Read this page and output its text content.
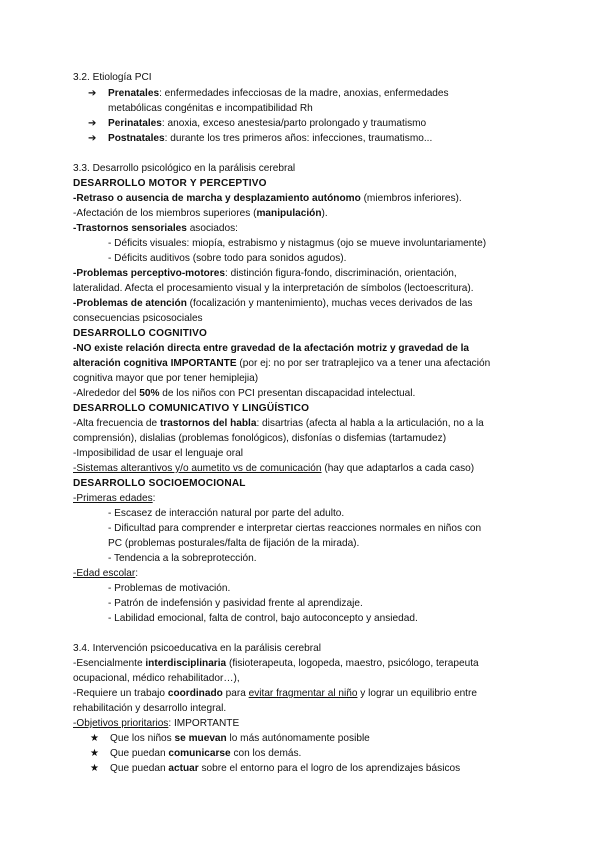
3.2. Etiología PCI
➔ Prenatales: enfermedades infecciosas de la madre, anoxias, enfermedades
metabólicas congénitas e incompatibilidad Rh
➔ Perinatales: anoxia, exceso anestesia/parto prolongado y traumatismo
➔ Postnatales: durante los tres primeros años: infecciones, traumatismo...
3.3. Desarrollo psicológico en la parálisis cerebral
DESARROLLO MOTOR Y PERCEPTIVO
-Retraso o ausencia de marcha y desplazamiento autónomo (miembros inferiores).
-Afectación de los miembros superiores (manipulación).
-Trastornos sensoriales asociados:
- Déficits visuales: miopía, estrabismo y nistagmus (ojo se mueve involuntariamente)
- Déficits auditivos (sobre todo para sonidos agudos).
-Problemas perceptivo-motores: distinción figura-fondo, discriminación, orientación,
lateralidad. Afecta el procesamiento visual y la interpretación de símbolos (lectoescritura).
-Problemas de atención (focalización y mantenimiento), muchas veces derivados de las
consecuencias psicosociales
DESARROLLO COGNITIVO
-NO existe relación directa entre gravedad de la afectación motriz y gravedad de la
alteración cognitiva IMPORTANTE (por ej: no por ser tratraplejico va a tener una afectación
cognitiva mayor que por tener hemiplejia)
-Alrededor del 50% de los niños con PCI presentan discapacidad intelectual.
DESARROLLO COMUNICATIVO Y LINGÜÍSTICO
-Alta frecuencia de trastornos del habla: disartrias (afecta al habla a la articulación, no a la
comprensión), dislalias (problemas fonológicos), disfonías o disfemias (tartamudez)
-Imposibilidad de usar el lenguaje oral
-Sistemas alterantivos y/o aumetito vs de comunicación (hay que adaptarlos a cada caso)
DESARROLLO SOCIOEMOCIONAL
-Primeras edades:
- Escasez de interacción natural por parte del adulto.
- Dificultad para comprender e interpretar ciertas reacciones normales en niños con
PC (problemas posturales/falta de fijación de la mirada).
- Tendencia a la sobreprotección.
-Edad escolar:
- Problemas de motivación.
- Patrón de indefensión y pasividad frente al aprendizaje.
- Labilidad emocional, falta de control, bajo autoconcepto y ansiedad.
3.4. Intervención psicoeducativa en la parálisis cerebral
-Esencialmente interdisciplinaria (fisioterapeuta, logopeda, maestro, psicólogo, terapeuta
ocupacional, médico rehabilitador…),
-Requiere un trabajo coordinado para evitar fragmentar al niño y lograr un equilibrio entre
rehabilitación y desarrollo integral.
-Objetivos prioritarios: IMPORTANTE
★ Que los niños se muevan lo más autónomamente posible
★ Que puedan comunicarse con los demás.
★ Que puedan actuar sobre el entorno para el logro de los aprendizajes básicos
